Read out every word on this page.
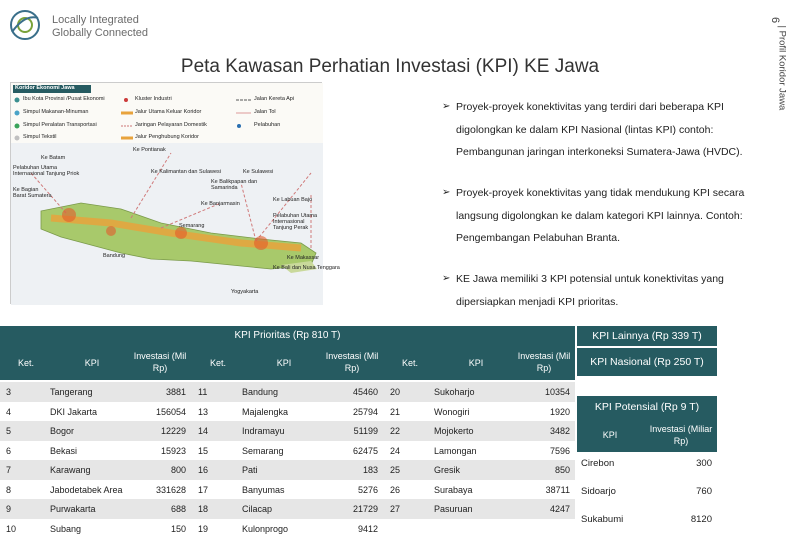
Locally Integrated
Globally Connected
6
| Profil Koridor Jawa
Peta Kawasan Perhatian Investasi (KPI) KE Jawa
Koridor Ekonomi Jawa
Ibu Kota Provinsi /Pusat Ekonomi
Simpul Makanan-Minuman
Simpul Peralatan Transportasi
Simpul Tekstil
Kluster Industri
Jalur Utama Keluar Koridor
Jaringan Pelayaran Domestik
Jalur Penghubung Koridor
Jalan Kereta Api
Jalan Tol
Pelabuhan
Ke Batam
Pelabuhan Utama Internasional Tanjung Priok
Ke Pontianak
Ke Kalimantan dan Sulawesi	Ke Sulawesi
Ke Balikpapan dan Samarinda
Ke Banjarmasin
Ke Bagian Barat Sumatera
Ke Labuan Bajo
Pelabuhan Utama Internasional Tanjung Perak
Ke Makassar
Ke Bali dan Nusa Tenggara
Bandung
Semarang
Yogyakarta
➢ Proyek-proyek konektivitas yang terdiri dari beberapa KPI digolongkan ke dalam KPI Nasional (lintas KPI) contoh: Pembangunan jaringan interkoneksi Sumatera-Jawa (HVDC).
➢ Proyek-proyek konektivitas yang tidak mendukung KPI secara langsung digolongkan ke dalam kategori KPI lainnya. Contoh: Pengembangan Pelabuhan Branta.
➢ KE Jawa memiliki 3 KPI potensial untuk konektivitas yang dipersiapkan menjadi KPI prioritas.
KPI Prioritas (Rp 810 T)
Ket.	KPI
Investasi (Mil Rp)	Ket.	KPI
Investasi (Mil Rp)	Ket.	KPI
Investasi (Mil Rp)
3	Tangerang	3881 11	Bandung	45460 20	Sukoharjo	10354
4	DKI Jakarta	156054 13	Majalengka	25794 21	Wonogiri	1920
5	Bogor	12229 14	Indramayu	51199 22	Mojokerto	3482
6	Bekasi	15923 15	Semarang	62475 24	Lamongan	7596
7	Karawang	800 16	Pati	183 25	Gresik	850
8	Jabodetabek Area	331628 17	Banyumas	5276 26	Surabaya	38711
9	Purwakarta	688 18	Cilacap	21729 27	Pasuruan	4247
10	Subang	150 19	Kulonprogo	9412
KPI Lainnya (Rp 339 T)
KPI Nasional (Rp 250 T)
KPI Potensial (Rp 9 T)
KPI
Investasi (Miliar Rp)
Cirebon	300
Sidoarjo	760
Sukabumi	8120
